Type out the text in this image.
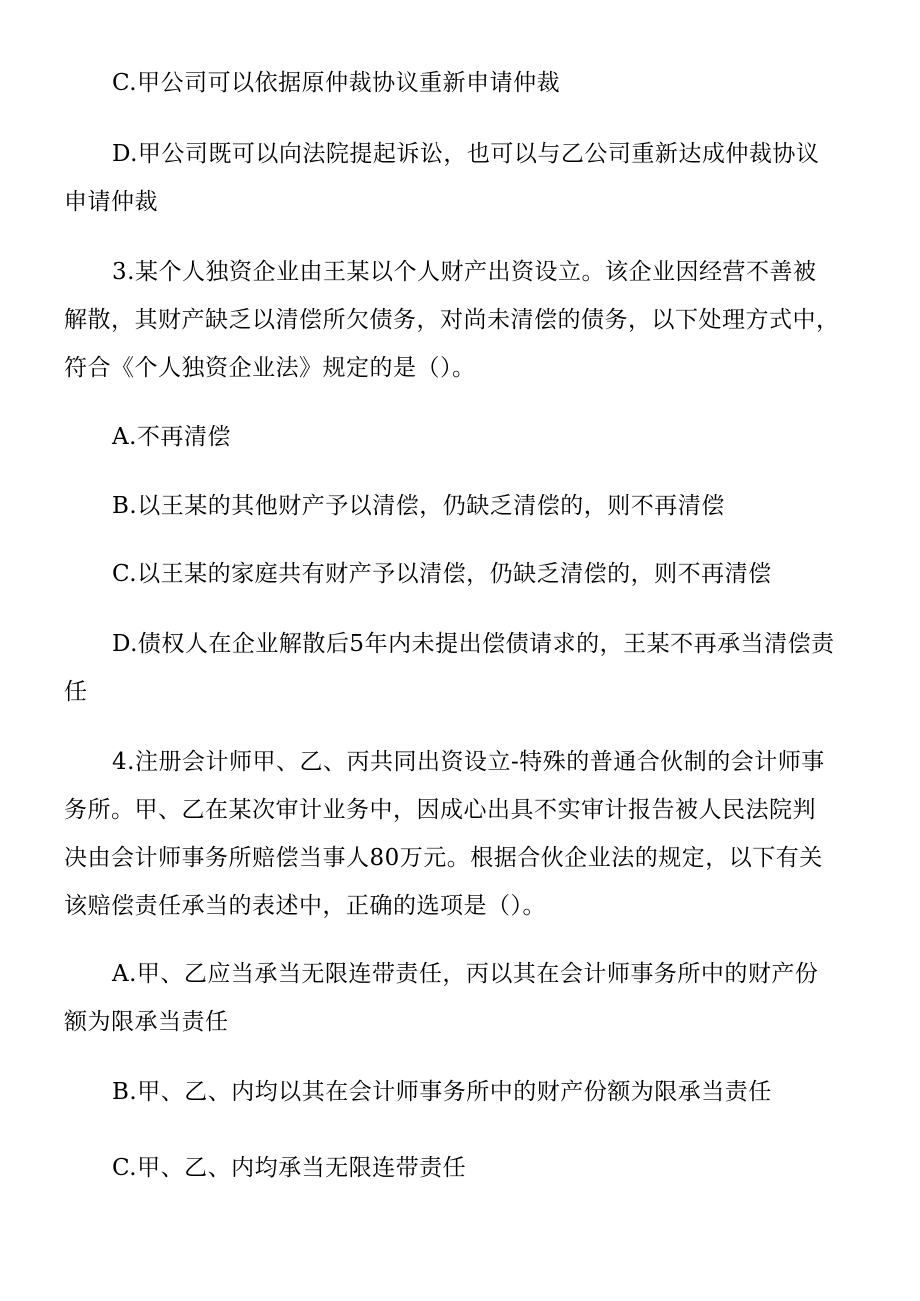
C.甲公司可以依据原仲裁协议重新申请仲裁
D.甲公司既可以向法院提起诉讼，也可以与乙公司重新达成仲裁协议
申请仲裁
3.某个人独资企业由王某以个人财产出资设立。该企业因经营不善被
解散，其财产缺乏以清偿所欠债务，对尚未清偿的债务，以下处理方式中，
符合《个人独资企业法》规定的是（）。
A.不再清偿
B.以王某的其他财产予以清偿，仍缺乏清偿的，则不再清偿
C.以王某的家庭共有财产予以清偿，仍缺乏清偿的，则不再清偿
D.债权人在企业解散后5年内未提出偿债请求的，王某不再承当清偿责
任
4.注册会计师甲、乙、丙共同出资设立-特殊的普通合伙制的会计师事
务所。甲、乙在某次审计业务中，因成心出具不实审计报告被人民法院判
决由会计师事务所赔偿当事人80万元。根据合伙企业法的规定，以下有关
该赔偿责任承当的表述中，正确的选项是（）。
A.甲、乙应当承当无限连带责任，丙以其在会计师事务所中的财产份
额为限承当责任
B.甲、乙、内均以其在会计师事务所中的财产份额为限承当责任
C.甲、乙、内均承当无限连带责任
